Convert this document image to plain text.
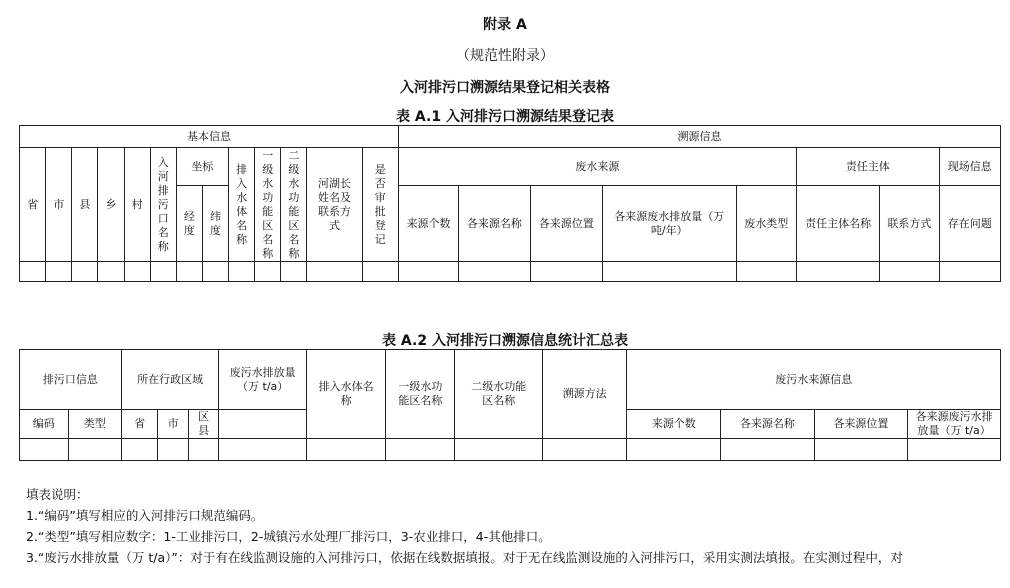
附录 A
（规范性附录）
入河排污口溯源结果登记相关表格
表 A.1 入河排污口溯源结果登记表
基本信息													溯源信息							
省	市	县	乡	村	入河排污口名称	坐标		排入水体名称	一级水功能区名称	二级水功能区名称	河湖长姓名及联系方式	是否审批登记	废水来源					责任主体		现场信息
						经度	纬度						来源个数	各来源名称	各来源位置	各来源废水排放量（万吨/年）	废水类型	责任主体名称	联系方式	存在问题

表 A.2 入河排污口溯源信息统计汇总表
排污口信息		所在行政区域			废污水排放量（万 t/a）	排入水体名称	一级水功能区名称	二级水功能区名称	溯源方法	废污水来源信息			
编码	类型	省	市	区县						来源个数	各来源名称	各来源位置	各来源废污水排放量（万 t/a）

填表说明：
1.“编码”填写相应的入河排污口规范编码。
2.“类型”填写相应数字：1-工业排污口，2-城镇污水处理厂排污口，3-农业排口，4-其他排口。
3.“废污水排放量（万 t/a）”：对于有在线监测设施的入河排污口，依据在线数据填报。对于无在线监测设施的入河排污口，采用实测法填报。在实测过程中，对
